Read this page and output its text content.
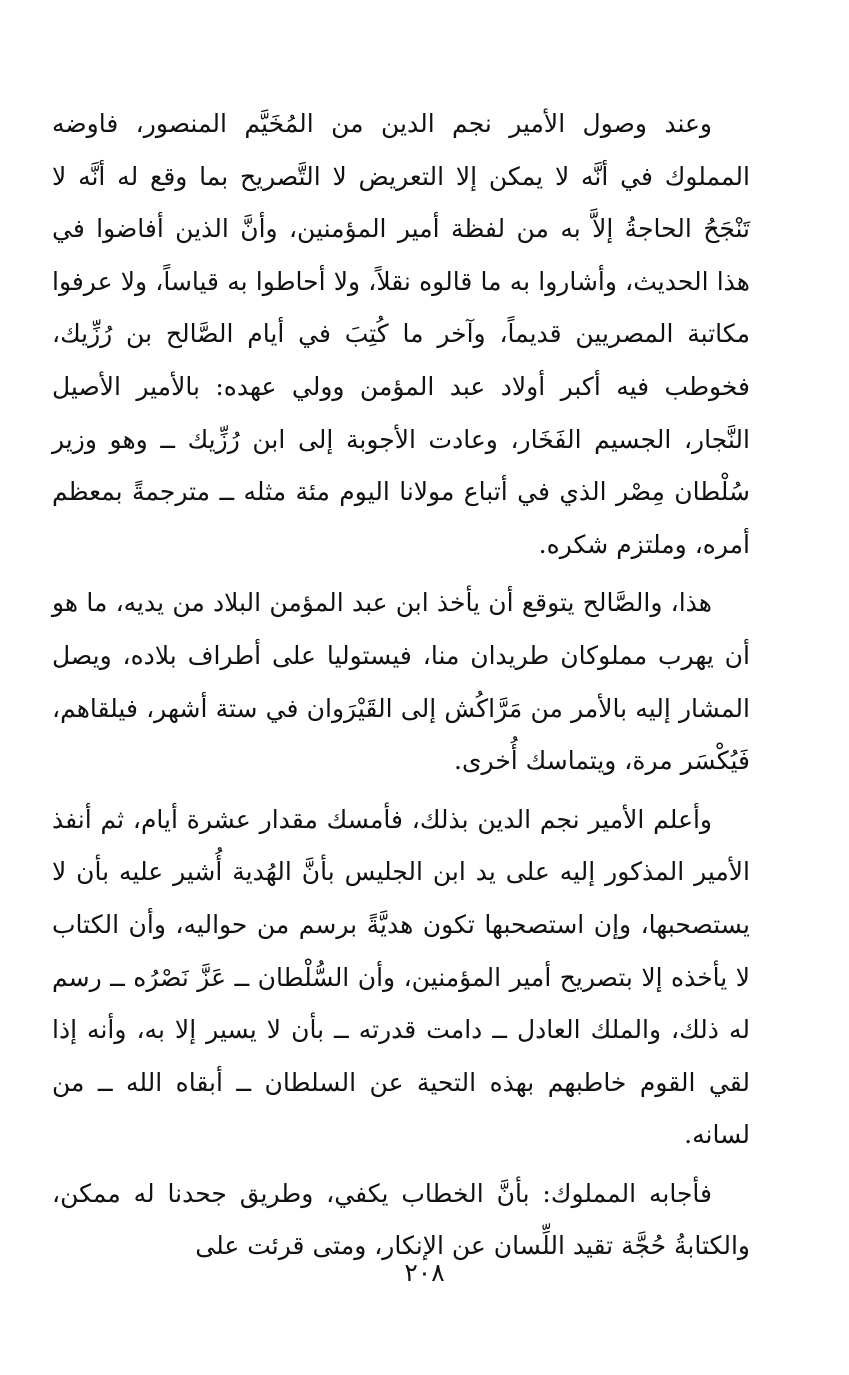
وعند وصول الأمير نجم الدين من المُخَيَّم المنصور، فاوضه المملوك في أنَّه لا يمكن إلا التعريض لا التَّصريح بما وقع له أنَّه لا تَنْجَحُ الحاجةُ إلاَّ به من لفظة أمير المؤمنين، وأنَّ الذين أفاضوا في هذا الحديث، وأشاروا به ما قالوه نقلاً، ولا أحاطوا به قياساً، ولا عرفوا مكاتبة المصريين قديماً، وآخر ما كُتِبَ في أيام الصَّالح بن رُزِّيك، فخوطب فيه أكبر أولاد عبد المؤمن وولي عهده: بالأمير الأصيل النَّجار، الجسيم الفَخَار، وعادت الأجوبة إلى ابن رُزِّيك ــ وهو وزير سُلْطان مِصْر الذي في أتباع مولانا اليوم مئة مثله ــ مترجمةً بمعظم أمره، وملتزم شكره.

هذا، والصَّالح يتوقع أن يأخذ ابن عبد المؤمن البلاد من يديه، ما هو أن يهرب مملوكان طريدان منا، فيستوليا على أطراف بلاده، ويصل المشار إليه بالأمر من مَرَّاكُش إلى القَيْرَوان في ستة أشهر، فيلقاهم، فَيُكْسَر مرة، ويتماسك أُخرى.

وأعلم الأمير نجم الدين بذلك، فأمسك مقدار عشرة أيام، ثم أنفذ الأمير المذكور إليه على يد ابن الجليس بأنَّ الهُدية أُشير عليه بأن لا يستصحبها، وإن استصحبها تكون هديَّةً برسم من حواليه، وأن الكتاب لا يأخذه إلا بتصريح أمير المؤمنين، وأن السُّلْطان ــ عَزَّ نَصْرُه ــ رسم له ذلك، والملك العادل ــ دامت قدرته ــ بأن لا يسير إلا به، وأنه إذا لقي القوم خاطبهم بهذه التحية عن السلطان ــ أبقاه الله ــ من لسانه.

فأجابه المملوك: بأنَّ الخطاب يكفي، وطريق جحدنا له ممكن، والكتابةُ حُجَّة تقيد اللِّسان عن الإنكار، ومتى قرئت على

٢٠٨
